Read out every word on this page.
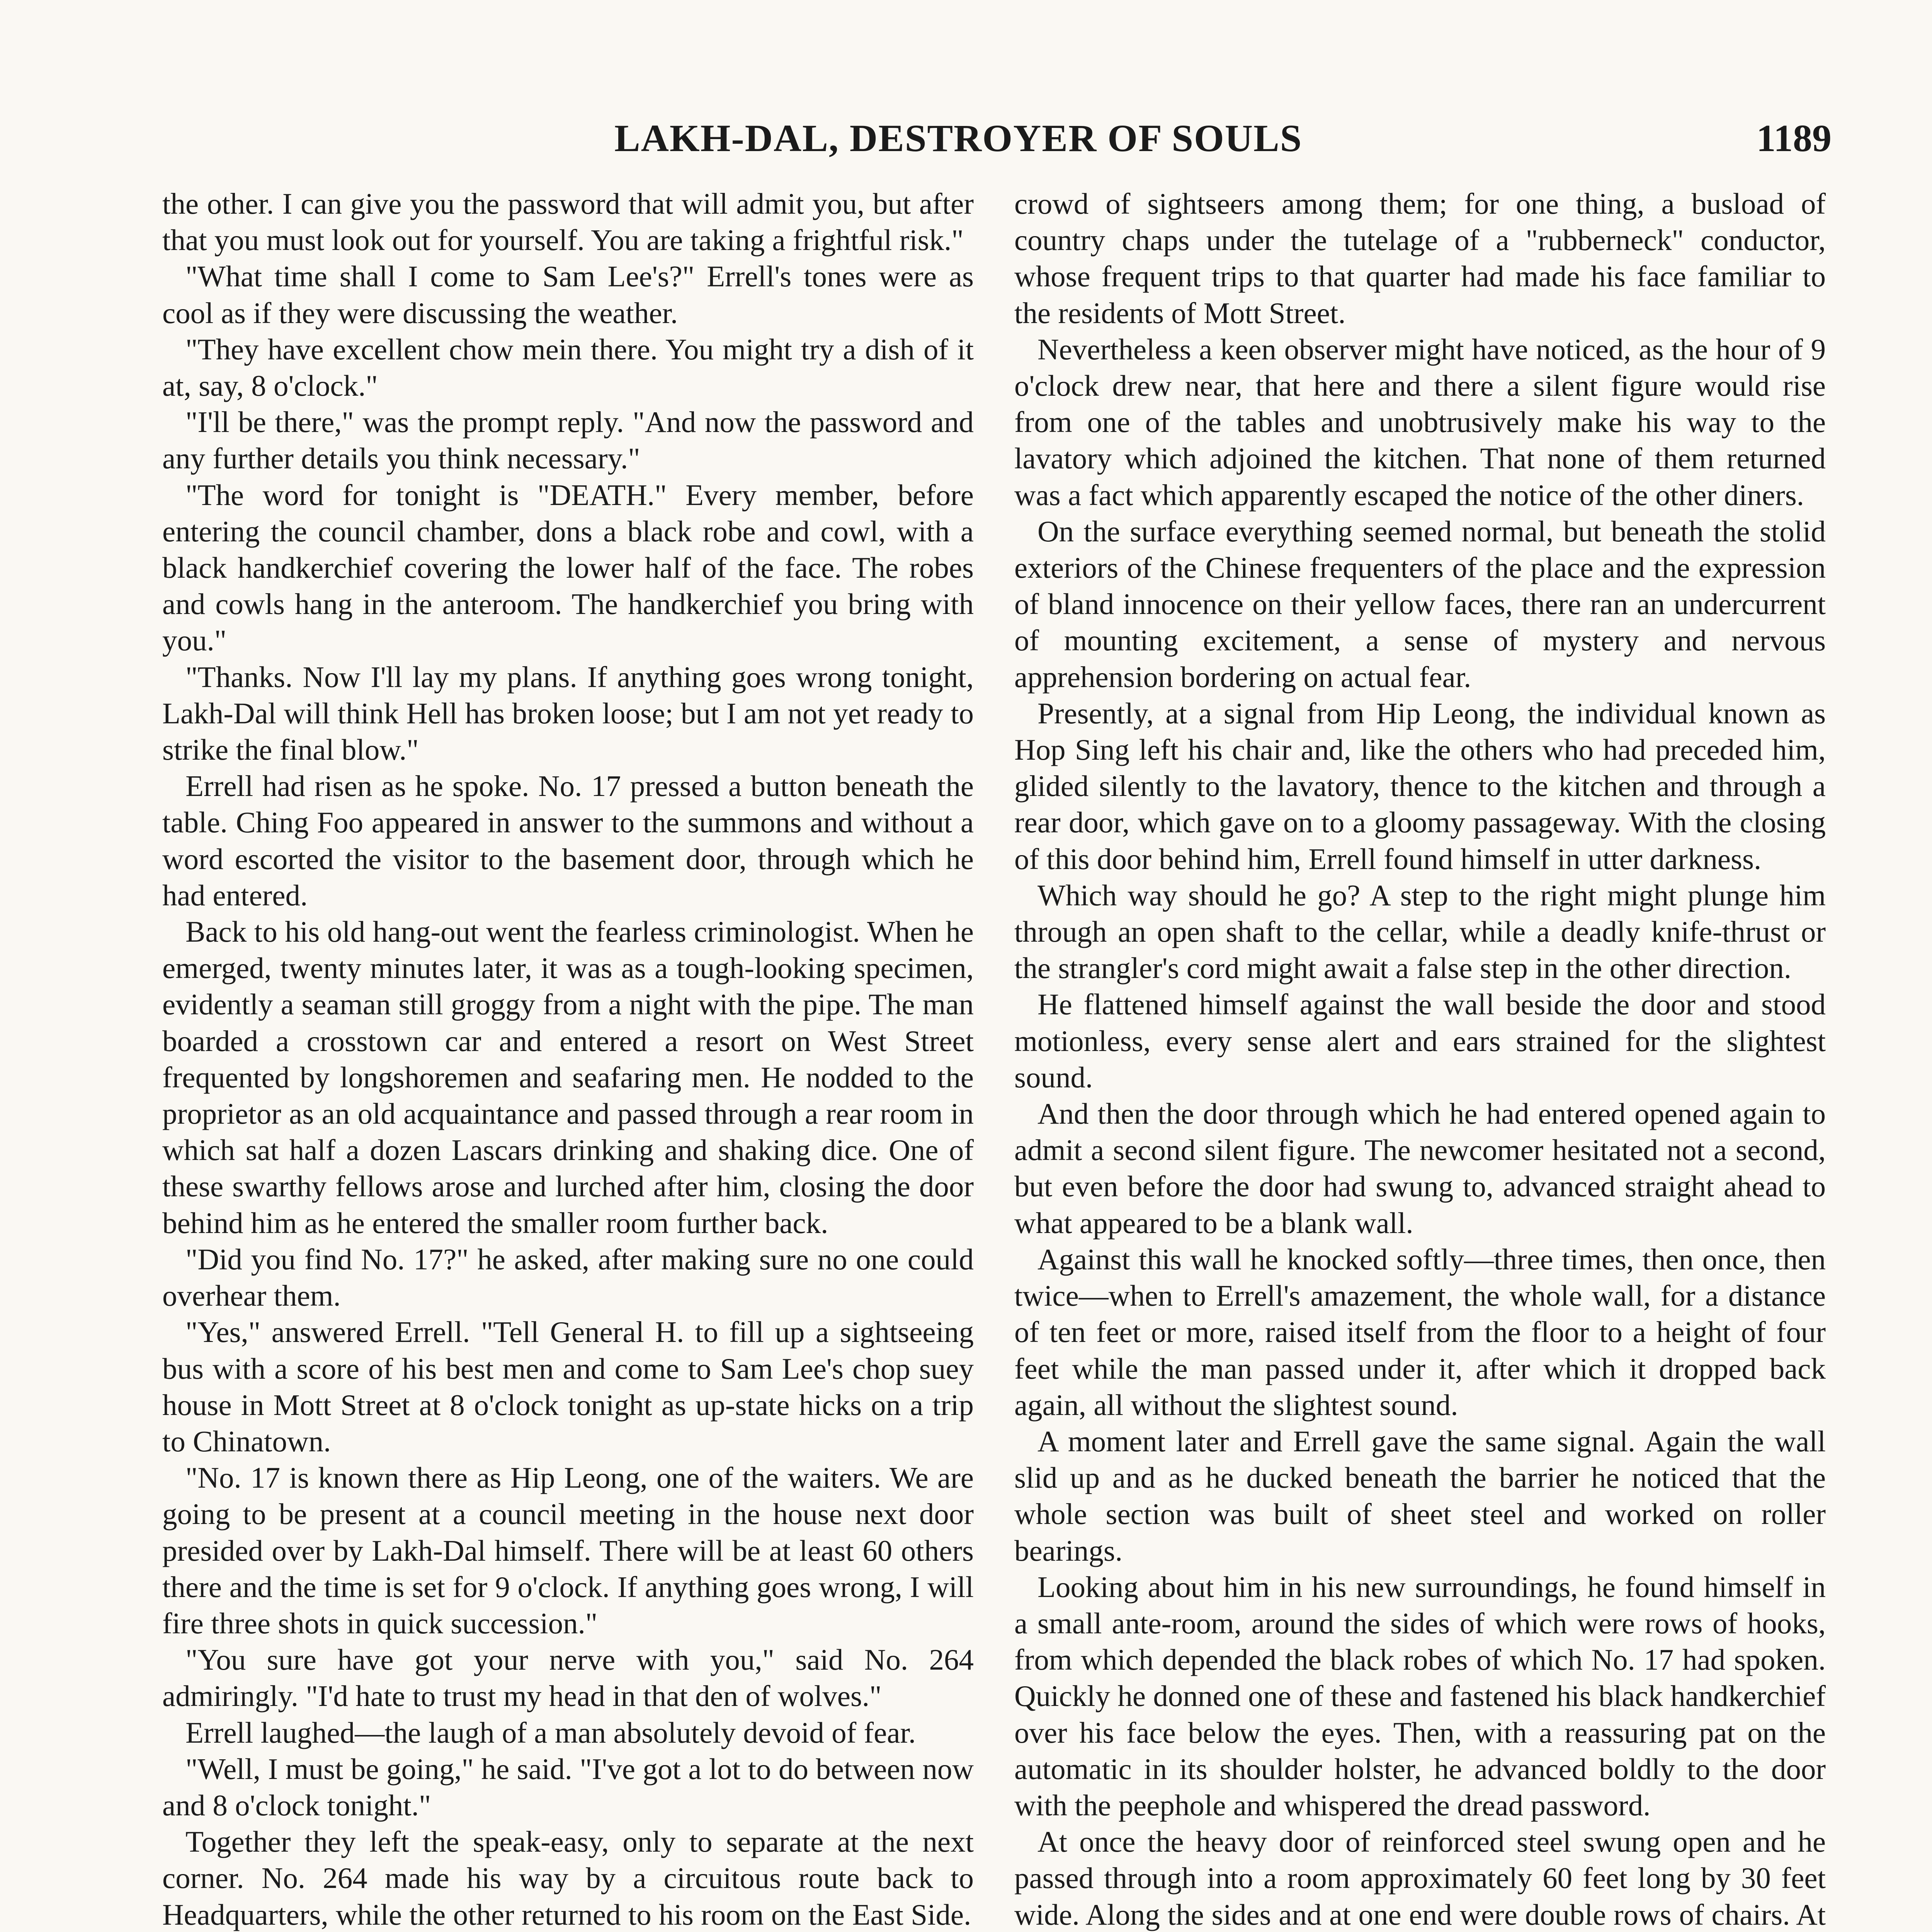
LAKH-DAL, DESTROYER OF SOULS	1189

the other. I can give you the password that will admit you, but after that you must look out for yourself. You are taking a frightful risk."

"What time shall I come to Sam Lee's?" Errell's tones were as cool as if they were discussing the weather.

"They have excellent chow mein there. You might try a dish of it at, say, 8 o'clock."

"I'll be there," was the prompt reply. "And now the password and any further details you think necessary."

"The word for tonight is "DEATH." Every member, before entering the council chamber, dons a black robe and cowl, with a black handkerchief covering the lower half of the face. The robes and cowls hang in the anteroom. The handkerchief you bring with you."

"Thanks. Now I'll lay my plans. If anything goes wrong tonight, Lakh-Dal will think Hell has broken loose; but I am not yet ready to strike the final blow."

Errell had risen as he spoke. No. 17 pressed a button beneath the table. Ching Foo appeared in answer to the summons and without a word escorted the visitor to the basement door, through which he had entered.

Back to his old hang-out went the fearless criminologist. When he emerged, twenty minutes later, it was as a tough-looking specimen, evidently a seaman still groggy from a night with the pipe. The man boarded a crosstown car and entered a resort on West Street frequented by longshoremen and seafaring men. He nodded to the proprietor as an old acquaintance and passed through a rear room in which sat half a dozen Lascars drinking and shaking dice. One of these swarthy fellows arose and lurched after him, closing the door behind him as he entered the smaller room further back.

"Did you find No. 17?" he asked, after making sure no one could overhear them.

"Yes," answered Errell. "Tell General H. to fill up a sightseeing bus with a score of his best men and come to Sam Lee's chop suey house in Mott Street at 8 o'clock tonight as up-state hicks on a trip to Chinatown.

"No. 17 is known there as Hip Leong, one of the waiters. We are going to be present at a council meeting in the house next door presided over by Lakh-Dal himself. There will be at least 60 others there and the time is set for 9 o'clock. If anything goes wrong, I will fire three shots in quick succession."

"You sure have got your nerve with you," said No. 264 admiringly. "I'd hate to trust my head in that den of wolves."

Errell laughed—the laugh of a man absolutely devoid of fear.

"Well, I must be going," he said. "I've got a lot to do between now and 8 o'clock tonight."

Together they left the speak-easy, only to separate at the next corner. No. 264 made his way by a circuitous route back to Headquarters, while the other returned to his room on the East Side.

crowd of sightseers among them; for one thing, a busload of country chaps under the tutelage of a "rubberneck" conductor, whose frequent trips to that quarter had made his face familiar to the residents of Mott Street.

Nevertheless a keen observer might have noticed, as the hour of 9 o'clock drew near, that here and there a silent figure would rise from one of the tables and unobtrusively make his way to the lavatory which adjoined the kitchen. That none of them returned was a fact which apparently escaped the notice of the other diners.

On the surface everything seemed normal, but beneath the stolid exteriors of the Chinese frequenters of the place and the expression of bland innocence on their yellow faces, there ran an undercurrent of mounting excitement, a sense of mystery and nervous apprehension bordering on actual fear.

Presently, at a signal from Hip Leong, the individual known as Hop Sing left his chair and, like the others who had preceded him, glided silently to the lavatory, thence to the kitchen and through a rear door, which gave on to a gloomy passageway. With the closing of this door behind him, Errell found himself in utter darkness.

Which way should he go? A step to the right might plunge him through an open shaft to the cellar, while a deadly knife-thrust or the strangler's cord might await a false step in the other direction.

He flattened himself against the wall beside the door and stood motionless, every sense alert and ears strained for the slightest sound.

And then the door through which he had entered opened again to admit a second silent figure. The newcomer hesitated not a second, but even before the door had swung to, advanced straight ahead to what appeared to be a blank wall.

Against this wall he knocked softly—three times, then once, then twice—when to Errell's amazement, the whole wall, for a distance of ten feet or more, raised itself from the floor to a height of four feet while the man passed under it, after which it dropped back again, all without the slightest sound.

A moment later and Errell gave the same signal. Again the wall slid up and as he ducked beneath the barrier he noticed that the whole section was built of sheet steel and worked on roller bearings.

Looking about him in his new surroundings, he found himself in a small ante-room, around the sides of which were rows of hooks, from which depended the black robes of which No. 17 had spoken. Quickly he donned one of these and fastened his black handkerchief over his face below the eyes. Then, with a reassuring pat on the automatic in its shoulder holster, he advanced boldly to the door with the peephole and whispered the dread password.

At once the heavy door of reinforced steel swung open and he passed through into a room approximately 60 feet long by 30 feet wide. Along the sides and at one end were double rows of chairs. At
